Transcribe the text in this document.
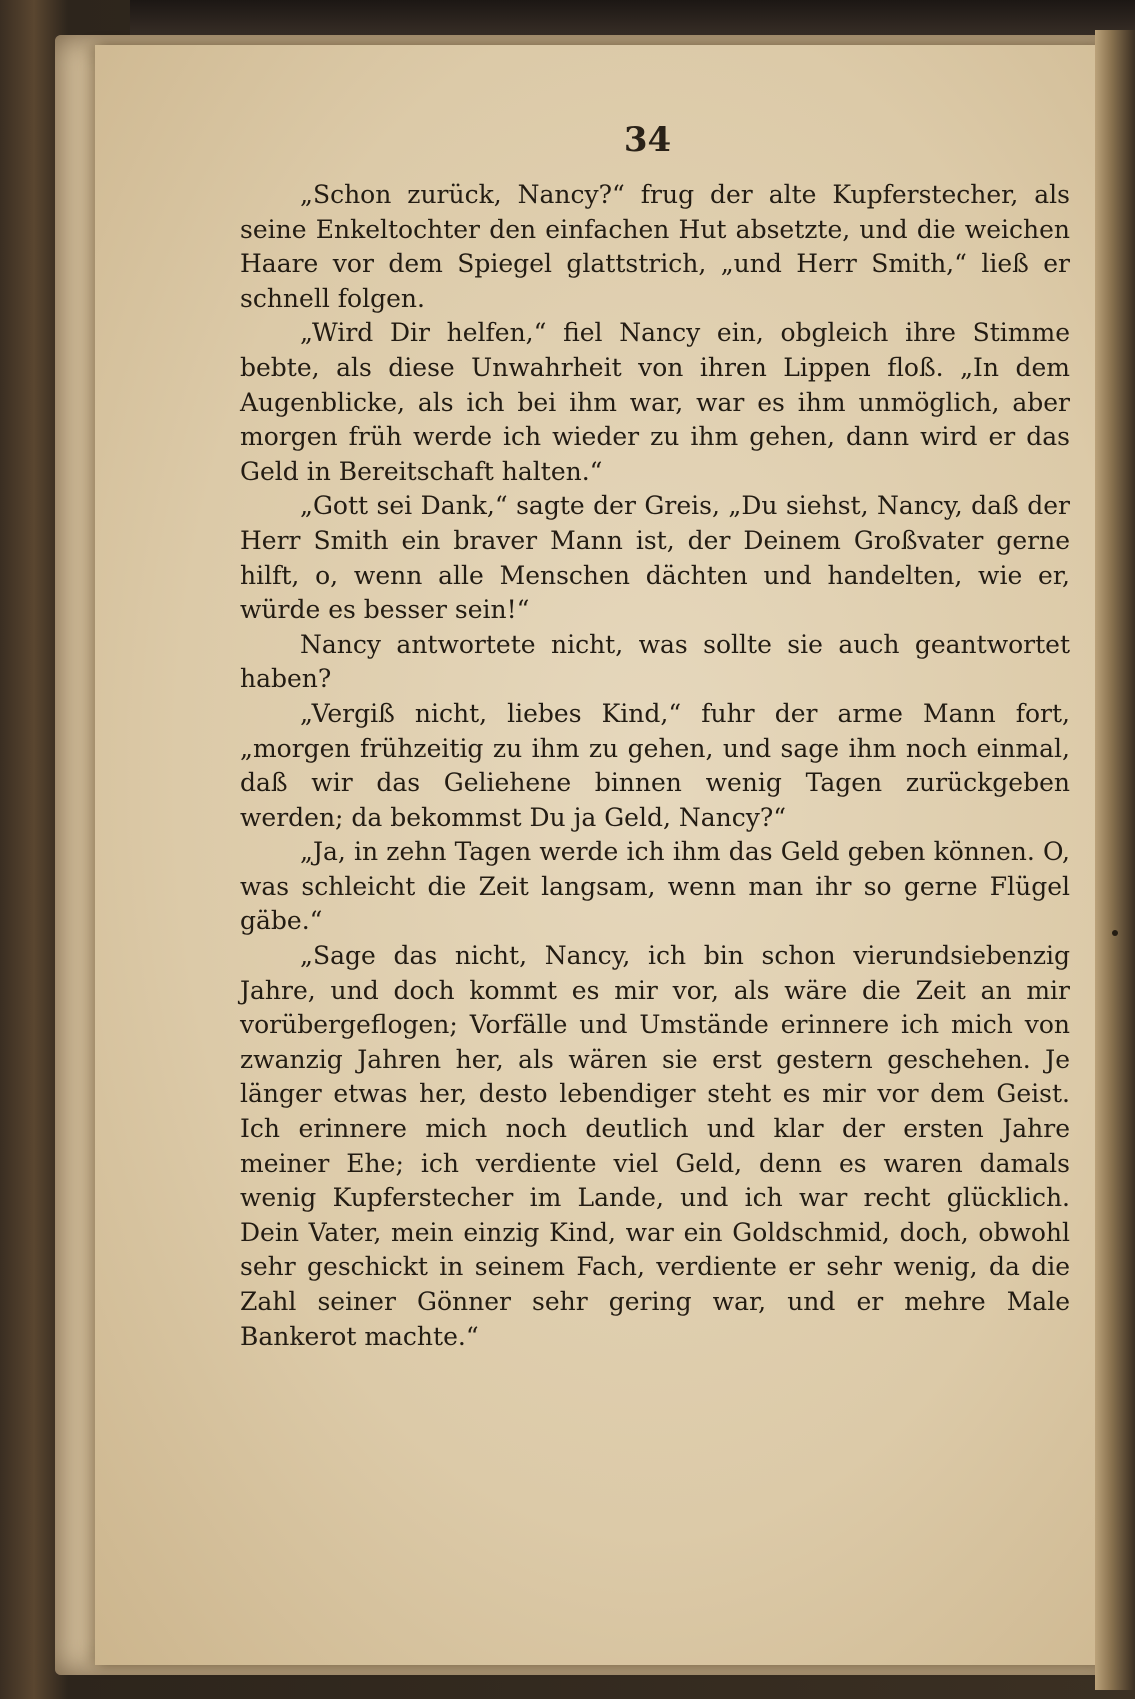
34

„Schon zurück, Nancy?“ frug der alte Kupferstecher, als seine Enkeltochter den einfachen Hut absetzte, und die weichen Haare vor dem Spiegel glattstrich, „und Herr Smith,“ ließ er schnell folgen.

„Wird Dir helfen,“ fiel Nancy ein, obgleich ihre Stimme bebte, als diese Unwahrheit von ihren Lippen floß. „In dem Augenblicke, als ich bei ihm war, war es ihm unmöglich, aber morgen früh werde ich wieder zu ihm gehen, dann wird er das Geld in Bereitschaft halten.“

„Gott sei Dank,“ sagte der Greis, „Du siehst, Nancy, daß der Herr Smith ein braver Mann ist, der Deinem Großvater gerne hilft, o, wenn alle Menschen dächten und handelten, wie er, würde es besser sein!“

Nancy antwortete nicht, was sollte sie auch geantwortet haben?

„Vergiß nicht, liebes Kind,“ fuhr der arme Mann fort, „morgen frühzeitig zu ihm zu gehen, und sage ihm noch einmal, daß wir das Geliehene binnen wenig Tagen zurückgeben werden; da bekommst Du ja Geld, Nancy?“

„Ja, in zehn Tagen werde ich ihm das Geld geben können. O, was schleicht die Zeit langsam, wenn man ihr so gerne Flügel gäbe.“

„Sage das nicht, Nancy, ich bin schon vierundsiebenzig Jahre, und doch kommt es mir vor, als wäre die Zeit an mir vorübergeflogen; Vorfälle und Umstände erinnere ich mich von zwanzig Jahren her, als wären sie erst gestern geschehen. Je länger etwas her, desto lebendiger steht es mir vor dem Geist. Ich erinnere mich noch deutlich und klar der ersten Jahre meiner Ehe; ich verdiente viel Geld, denn es waren damals wenig Kupferstecher im Lande, und ich war recht glücklich. Dein Vater, mein einzig Kind, war ein Goldschmid, doch, obwohl sehr geschickt in seinem Fach, verdiente er sehr wenig, da die Zahl seiner Gönner sehr gering war, und er mehre Male Bankerot machte.“
